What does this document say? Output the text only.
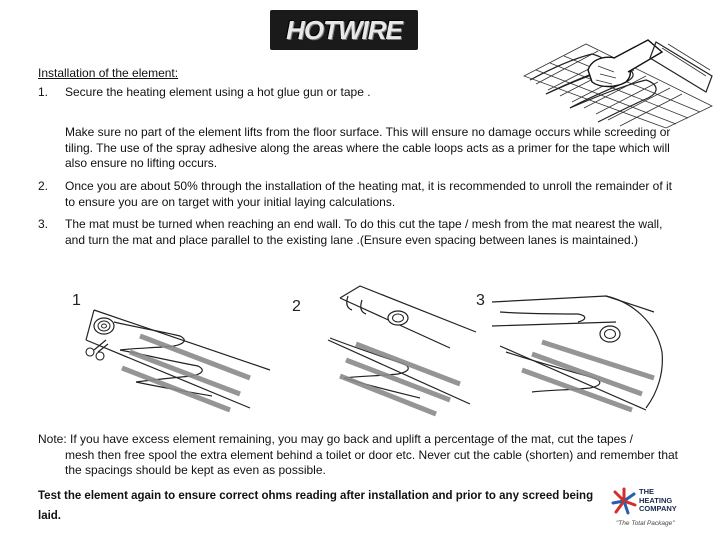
HOTWIRE
Installation of the element:
1.	Secure the heating element using a hot glue gun or tape .
Make sure no part of the element lifts from the floor surface. This will ensure no damage occurs while screeding or tiling. The use of the spray adhesive along the areas where the cable loops acts as a primer for the tape which will also ensure no lifting occurs.
2.	Once you are about 50% through the installation of the heating mat, it is recommended to unroll the remainder of it to ensure you are on target with your initial laying calculations.
3.	The mat must be turned when reaching an end wall. To do this cut the tape / mesh from the mat nearest the wall, and turn the mat and place parallel to the existing lane .(Ensure even spacing between lanes is maintained.)
1	2	3
Note: If you have excess element remaining, you may go back and uplift a percentage of the mat, cut the tapes /
mesh then free spool the extra element behind a toilet or door etc. Never cut the cable (shorten) and remember that the spacings should be kept as even as possible.
Test the element again to ensure correct ohms reading after installation and prior to any screed being laid.
THE
HEATING
COMPANY
"The Total Package"
